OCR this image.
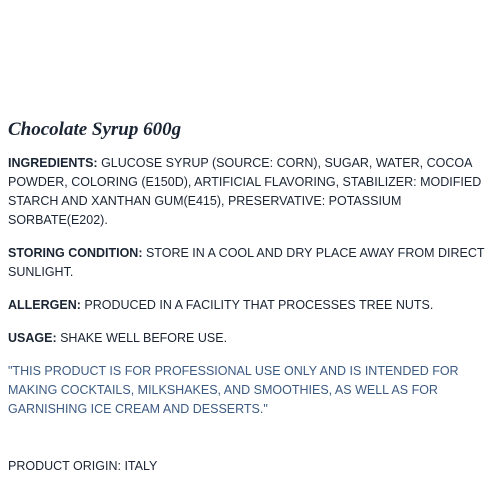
Chocolate Syrup 600g

INGREDIENTS: GLUCOSE SYRUP (SOURCE: CORN), SUGAR, WATER, COCOA POWDER, COLORING (E150D), ARTIFICIAL FLAVORING, STABILIZER: MODIFIED STARCH AND XANTHAN GUM(E415), PRESERVATIVE: POTASSIUM SORBATE(E202).

STORING CONDITION: STORE IN A COOL AND DRY PLACE AWAY FROM DIRECT SUNLIGHT.

ALLERGEN: PRODUCED IN A FACILITY THAT PROCESSES TREE NUTS.

USAGE: SHAKE WELL BEFORE USE.

"THIS PRODUCT IS FOR PROFESSIONAL USE ONLY AND IS INTENDED FOR MAKING COCKTAILS, MILKSHAKES, AND SMOOTHIES, AS WELL AS FOR GARNISHING ICE CREAM AND DESSERTS."

PRODUCT ORIGIN: ITALY
